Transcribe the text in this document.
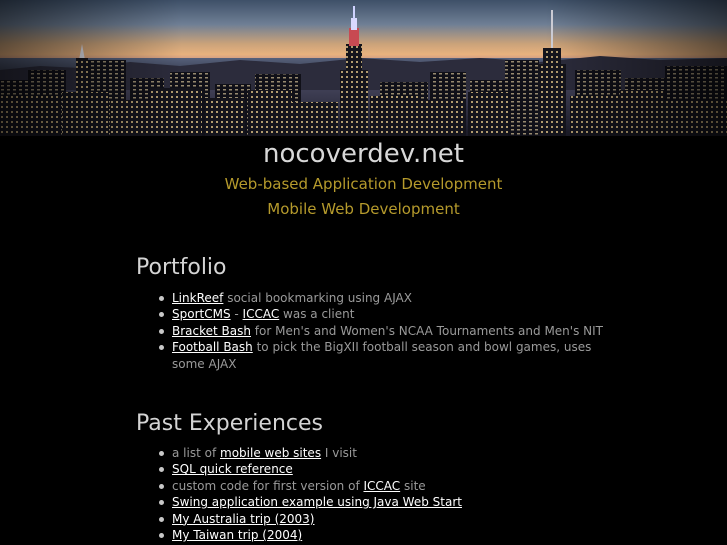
nocoverdev.net
Web-based Application Development
Mobile Web Development
Portfolio
LinkReef social bookmarking using AJAX
SportCMS - ICCAC was a client
Bracket Bash for Men's and Women's NCAA Tournaments and Men's NIT
Football Bash to pick the BigXII football season and bowl games, uses some AJAX
Past Experiences
a list of mobile web sites I visit
SQL quick reference
custom code for first version of ICCAC site
Swing application example using Java Web Start
My Australia trip (2003)
My Taiwan trip (2004)
